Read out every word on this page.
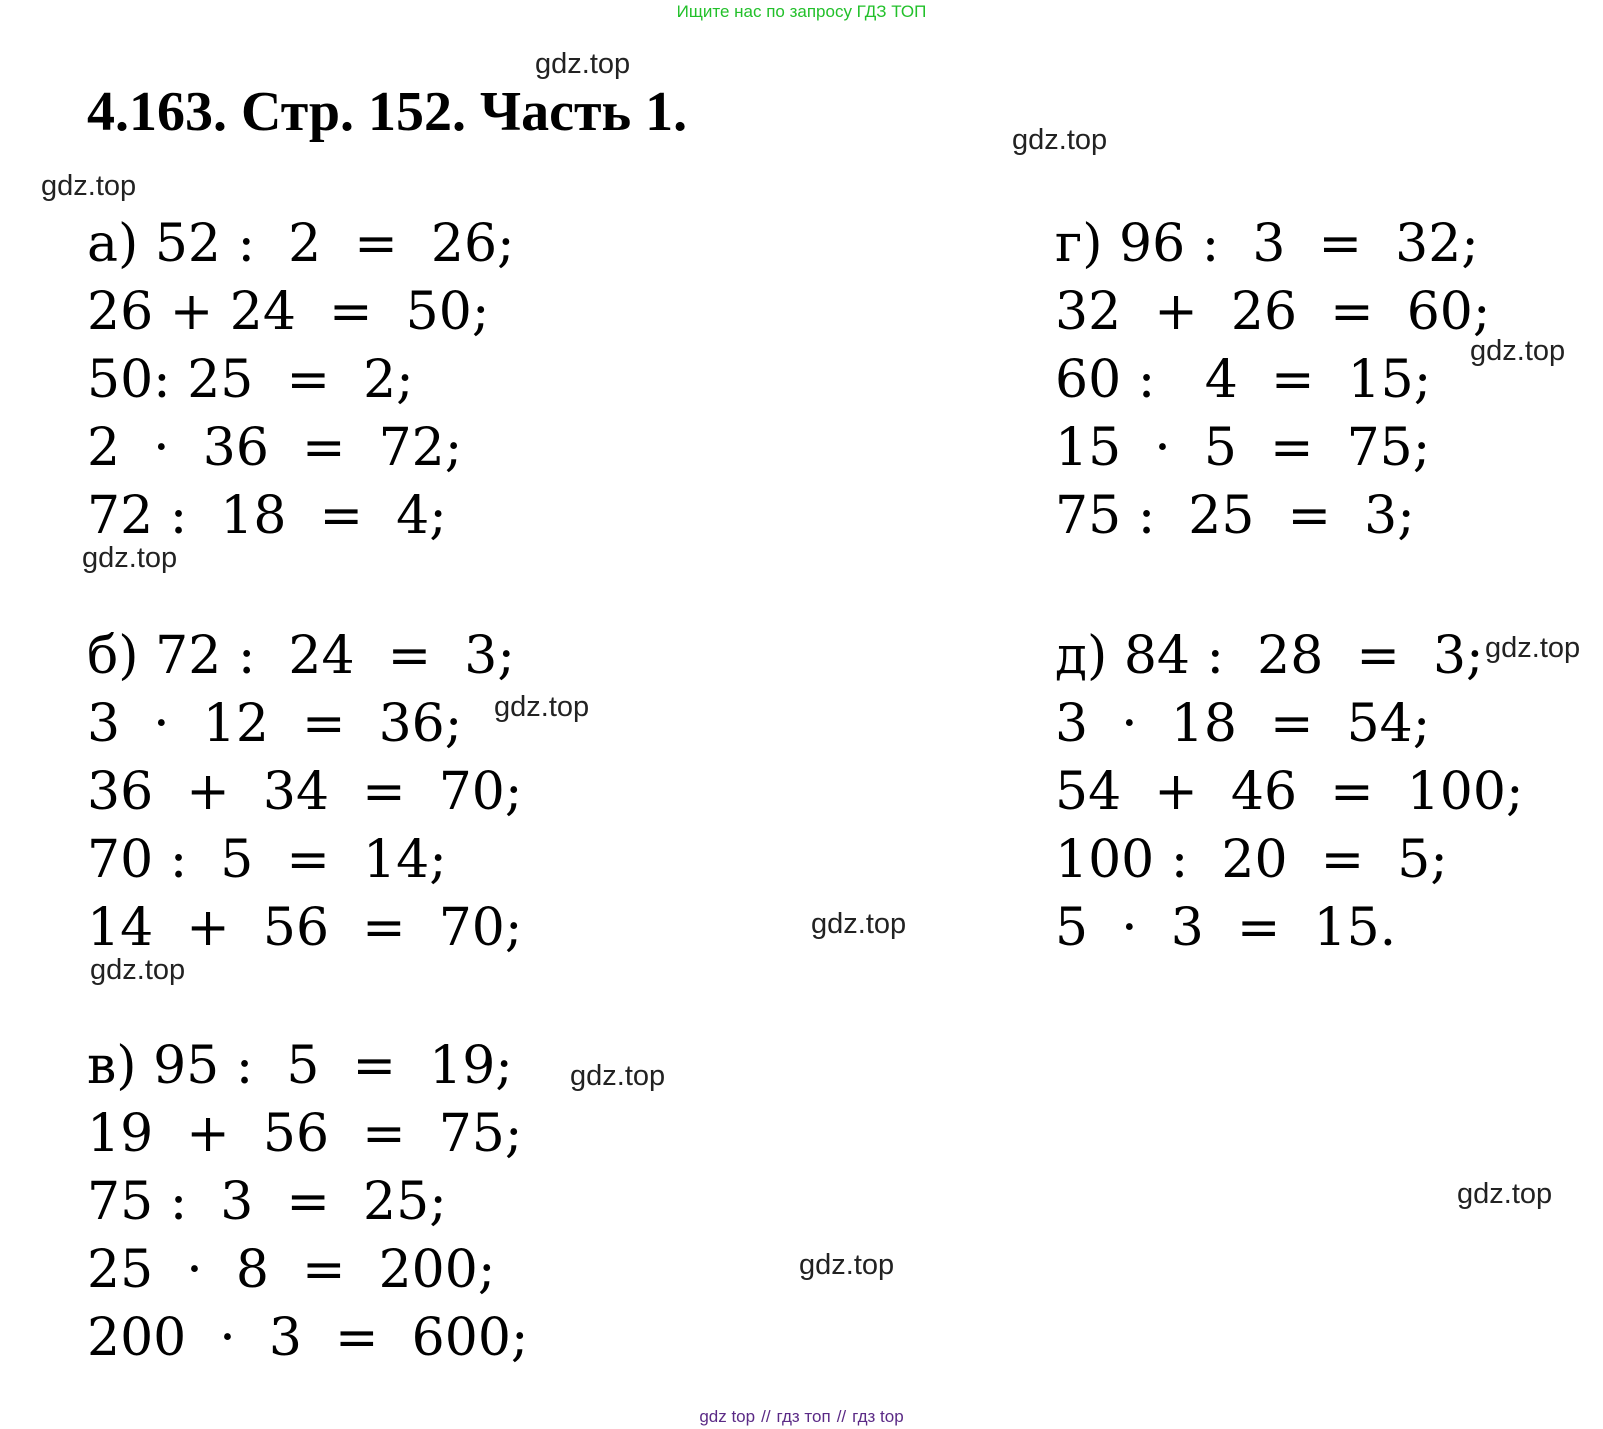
Ищите нас по запросу ГДЗ ТОП
4.163. Стр. 152. Часть 1.
gdz.top
gdz.top
gdz.top
gdz.top
gdz.top
gdz.top
gdz.top
gdz.top
gdz.top
gdz.top
gdz.top
gdz.top
а) 52 :  2  =  26;
26 + 24  =  50;
50: 25  =  2;
2  ·  36  =  72;
72 :  18  =  4;
б) 72 :  24  =  3;
3  ·  12  =  36;
36  +  34  =  70;
70 :  5  =  14;
14  +  56  =  70;
в) 95 :  5  =  19;
19  +  56  =  75;
75 :  3  =  25;
25  ·  8  =  200;
200  ·  3  =  600;
г) 96 :  3  =  32;
32  +  26  =  60;
60 :   4  =  15;
15  ·  5  =  75;
75 :  25  =  3;
д) 84 :  28  =  3;
3  ·  18  =  54;
54  +  46  =  100;
100 :  20  =  5;
5  ·  3  =  15.
gdz top // гдз топ // гдз top
